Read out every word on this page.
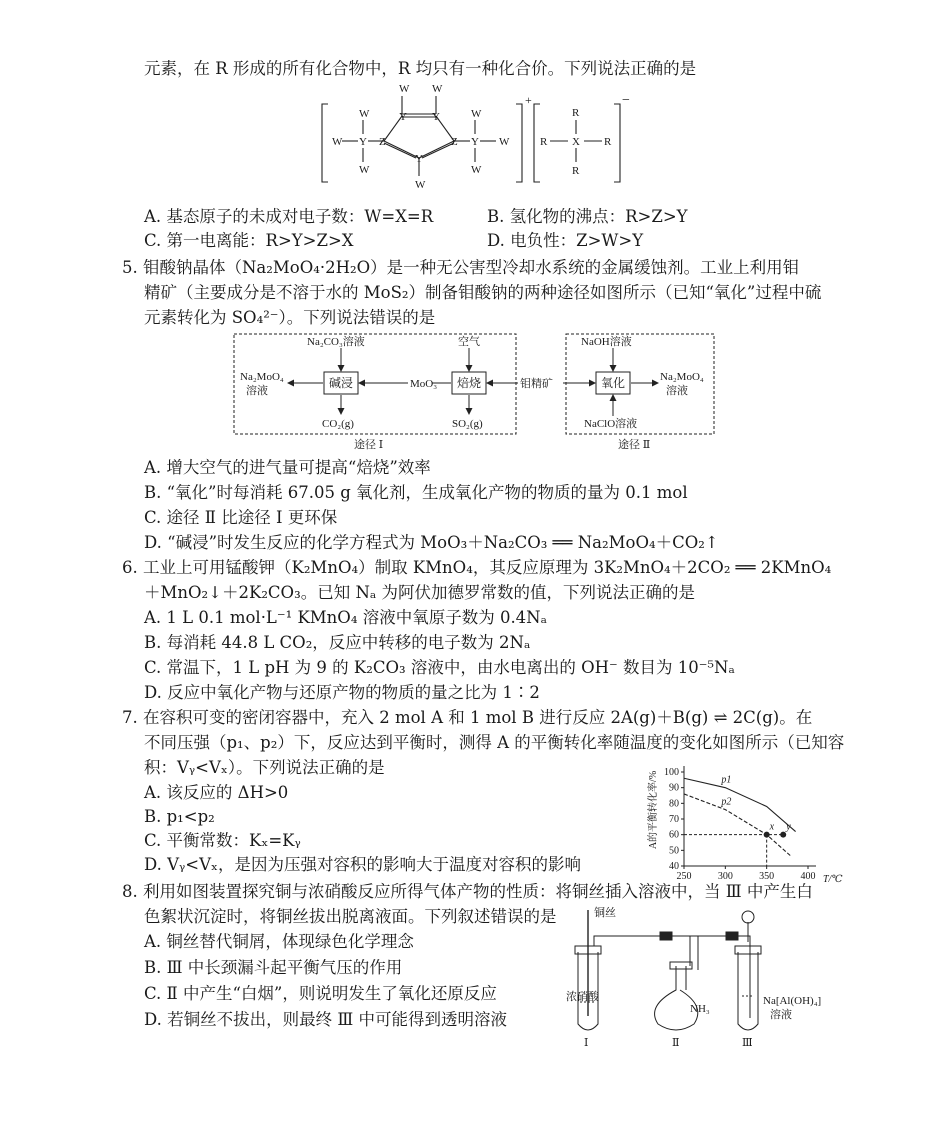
元素，在 R 形成的所有化合物中，R 均只有一种化合价。下列说法正确的是
W
Y
W
Y
Z	Z
Y
W
Y
W
W
W
Y W
W
W
X
R	R
R
R
+	−
A. 基态原子的未成对电子数：W=X=R	B. 氢化物的沸点：R>Z>Y
C. 第一电离能：R>Y>Z>X	D. 电负性：Z>W>Y
5. 钼酸钠晶体（Na₂MoO₄·2H₂O）是一种无公害型冷却水系统的金属缓蚀剂。工业上利用钼
精矿（主要成分是不溶于水的 MoS₂）制备钼酸钠的两种途径如图所示（已知“氧化”过程中硫
元素转化为 SO₄²⁻）。下列说法错误的是
Na₂CO₃溶液	空气	NaOH溶液
碱浸	焙烧	氧化
Na₂MoO₄
溶液
MoO₃	钼精矿
Na₂MoO₄
溶液
CO₂(g)	SO₂(g)	NaClO溶液
途径 Ⅰ	途径 Ⅱ
A. 增大空气的进气量可提高“焙烧”效率
B. “氧化”时每消耗 67.05 g 氧化剂，生成氧化产物的物质的量为 0.1 mol
C. 途径 Ⅱ 比途径 Ⅰ 更环保
D. “碱浸”时发生反应的化学方程式为 MoO₃＋Na₂CO₃ ══ Na₂MoO₄＋CO₂↑
6. 工业上可用锰酸钾（K₂MnO₄）制取 KMnO₄，其反应原理为 3K₂MnO₄＋2CO₂ ══ 2KMnO₄
＋MnO₂↓＋2K₂CO₃。已知 Nₐ 为阿伏加德罗常数的值，下列说法正确的是
A. 1 L 0.1 mol·L⁻¹ KMnO₄ 溶液中氧原子数为 0.4Nₐ
B. 每消耗 44.8 L CO₂，反应中转移的电子数为 2Nₐ
C. 常温下，1 L pH 为 9 的 K₂CO₃ 溶液中，由水电离出的 OH⁻ 数目为 10⁻⁵Nₐ
D. 反应中氧化产物与还原产物的物质的量之比为 1∶2
7. 在容积可变的密闭容器中，充入 2 mol A 和 1 mol B 进行反应 2A(g)＋B(g) ⇌ 2C(g)。在
不同压强（p₁、p₂）下，反应达到平衡时，测得 A 的平衡转化率随温度的变化如图所示（已知容
积：Vᵧ<Vₓ）。下列说法正确的是
A. 该反应的 ΔH>0
B. p₁<p₂
C. 平衡常数：Kₓ=Kᵧ
D. Vᵧ<Vₓ，是因为压强对容积的影响大于温度对容积的影响
p1
p2
x y
40
50
60
70
80
90
100
250	300	350	400
A的平衡转化率/%
T/℃
8. 利用如图装置探究铜与浓硝酸反应所得气体产物的性质：将铜丝插入溶液中，当 Ⅲ 中产生白
色絮状沉淀时，将铜丝拔出脱离液面。下列叙述错误的是
A. 铜丝替代铜屑，体现绿色化学理念
B. Ⅲ 中长颈漏斗起平衡气压的作用
C. Ⅱ 中产生“白烟”，则说明发生了氧化还原反应
D. 若铜丝不拔出，则最终 Ⅲ 中可能得到透明溶液
铜丝
浓硝酸
NH₃
Na[Al(OH)₄]
溶液
Ⅰ	Ⅱ	Ⅲ
